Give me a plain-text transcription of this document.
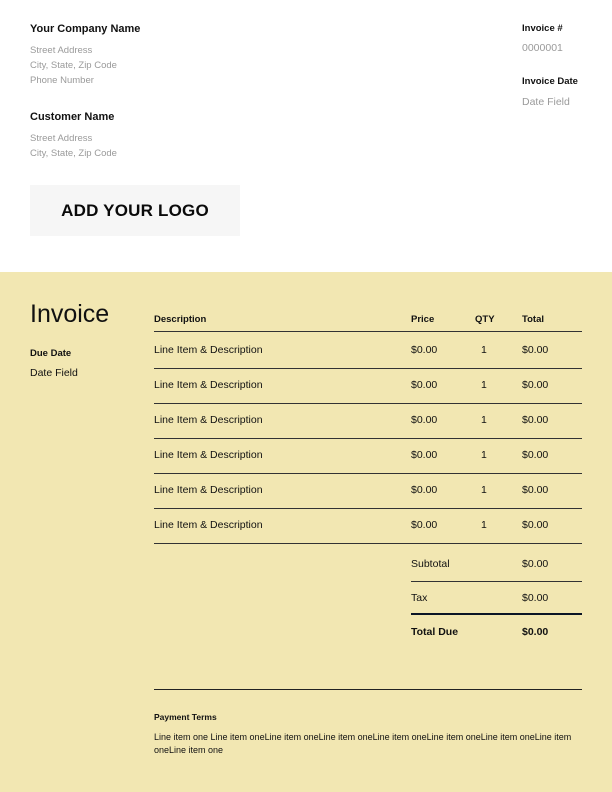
Your Company Name
Street Address
City, State, Zip Code
Phone Number
Customer Name
Street Address
City, State, Zip Code
Invoice #
0000001
Invoice Date
Date Field
ADD YOUR LOGO
Invoice
Due Date
Date Field
Description	Price	QTY	Total
Line Item & Description	$0.00	1	$0.00
Line Item & Description	$0.00	1	$0.00
Line Item & Description	$0.00	1	$0.00
Line Item & Description	$0.00	1	$0.00
Line Item & Description	$0.00	1	$0.00
Line Item & Description	$0.00	1	$0.00
Subtotal	$0.00
Tax	$0.00
Total Due	$0.00
Payment Terms
Line item one Line item oneLine item oneLine item oneLine item oneLine item oneLine item oneLine item oneLine item one
